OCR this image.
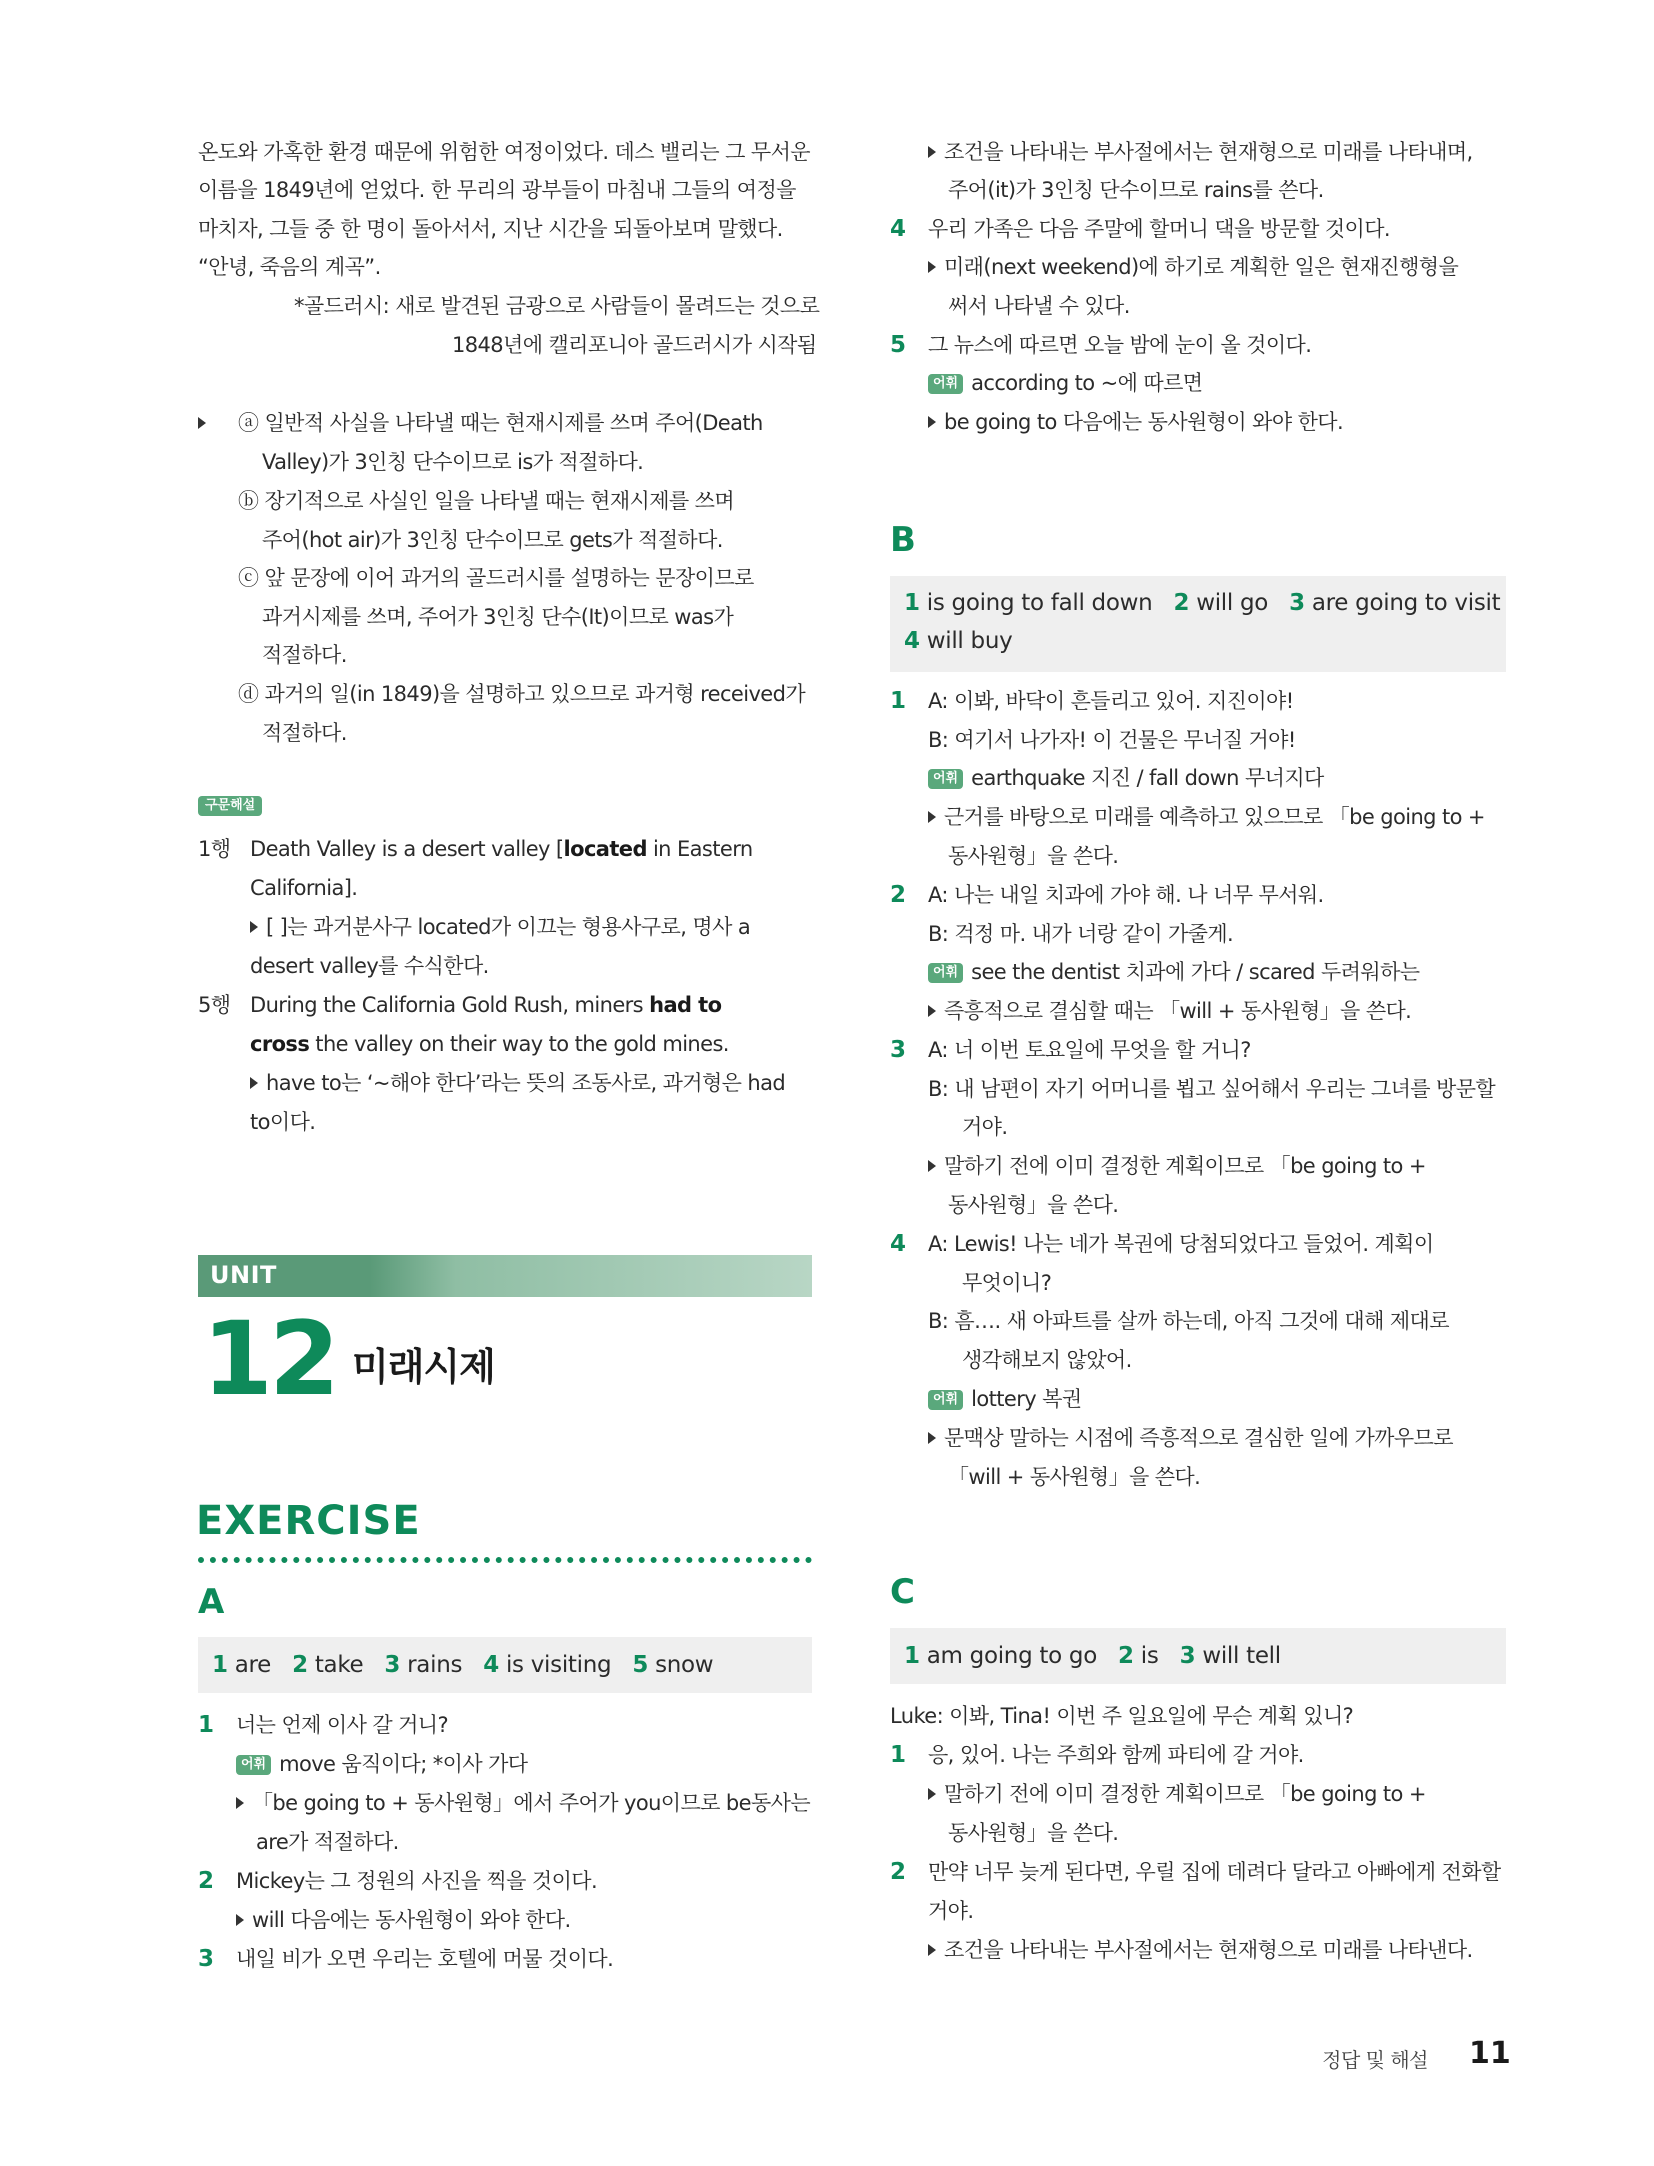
온도와 가혹한 환경 때문에 위험한 여정이었다. 데스 밸리는 그 무서운
이름을 1849년에 얻었다. 한 무리의 광부들이 마침내 그들의 여정을
마치자, 그들 중 한 명이 돌아서서, 지난 시간을 되돌아보며 말했다.
“안녕, 죽음의 계곡”.
*골드러시: 새로 발견된 금광으로 사람들이 몰려드는 것으로
1848년에 캘리포니아 골드러시가 시작됨
ⓐ 일반적 사실을 나타낼 때는 현재시제를 쓰며 주어(Death
Valley)가 3인칭 단수이므로 is가 적절하다.
ⓑ 장기적으로 사실인 일을 나타낼 때는 현재시제를 쓰며
주어(hot air)가 3인칭 단수이므로 gets가 적절하다.
ⓒ 앞 문장에 이어 과거의 골드러시를 설명하는 문장이므로
과거시제를 쓰며, 주어가 3인칭 단수(It)이므로 was가
적절하다.
ⓓ 과거의 일(in 1849)을 설명하고 있으므로 과거형 received가
적절하다.
구문해설
1행 Death Valley is a desert valley [located in Eastern
California].
[ ]는 과거분사구 located가 이끄는 형용사구로, 명사 a
desert valley를 수식한다.
5행 During the California Gold Rush, miners had to
cross the valley on their way to the gold mines.
have to는 ‘~해야 한다’라는 뜻의 조동사로, 과거형은 had
to이다.
UNIT
12 미래시제
EXERCISE
A
1 are 2 take 3 rains 4 is visiting 5 snow
1 너는 언제 이사 갈 거니?
어휘 move 움직이다; *이사 가다
「be going to + 동사원형」에서 주어가 you이므로 be동사는
are가 적절하다.
2 Mickey는 그 정원의 사진을 찍을 것이다.
will 다음에는 동사원형이 와야 한다.
3 내일 비가 오면 우리는 호텔에 머물 것이다.
조건을 나타내는 부사절에서는 현재형으로 미래를 나타내며,
주어(it)가 3인칭 단수이므로 rains를 쓴다.
4 우리 가족은 다음 주말에 할머니 댁을 방문할 것이다.
미래(next weekend)에 하기로 계획한 일은 현재진행형을
써서 나타낼 수 있다.
5 그 뉴스에 따르면 오늘 밤에 눈이 올 것이다.
어휘 according to ~에 따르면
be going to 다음에는 동사원형이 와야 한다.
B
1 is going to fall down 2 will go 3 are going to visit
4 will buy
1 A: 이봐, 바닥이 흔들리고 있어. 지진이야!
B: 여기서 나가자! 이 건물은 무너질 거야!
어휘 earthquake 지진 / fall down 무너지다
근거를 바탕으로 미래를 예측하고 있으므로 「be going to +
동사원형」을 쓴다.
2 A: 나는 내일 치과에 가야 해. 나 너무 무서워.
B: 걱정 마. 내가 너랑 같이 가줄게.
어휘 see the dentist 치과에 가다 / scared 두려워하는
즉흥적으로 결심할 때는 「will + 동사원형」을 쓴다.
3 A: 너 이번 토요일에 무엇을 할 거니?
B: 내 남편이 자기 어머니를 뵙고 싶어해서 우리는 그녀를 방문할
거야.
말하기 전에 이미 결정한 계획이므로 「be going to +
동사원형」을 쓴다.
4 A: Lewis! 나는 네가 복권에 당첨되었다고 들었어. 계획이
무엇이니?
B: 흠…. 새 아파트를 살까 하는데, 아직 그것에 대해 제대로
생각해보지 않았어.
어휘 lottery 복권
문맥상 말하는 시점에 즉흥적으로 결심한 일에 가까우므로
「will + 동사원형」을 쓴다.
C
1 am going to go 2 is 3 will tell
Luke: 이봐, Tina! 이번 주 일요일에 무슨 계획 있니?
1 응, 있어. 나는 주희와 함께 파티에 갈 거야.
말하기 전에 이미 결정한 계획이므로 「be going to +
동사원형」을 쓴다.
2 만약 너무 늦게 된다면, 우릴 집에 데려다 달라고 아빠에게 전화할
거야.
조건을 나타내는 부사절에서는 현재형으로 미래를 나타낸다.
정답 및 해설 11
